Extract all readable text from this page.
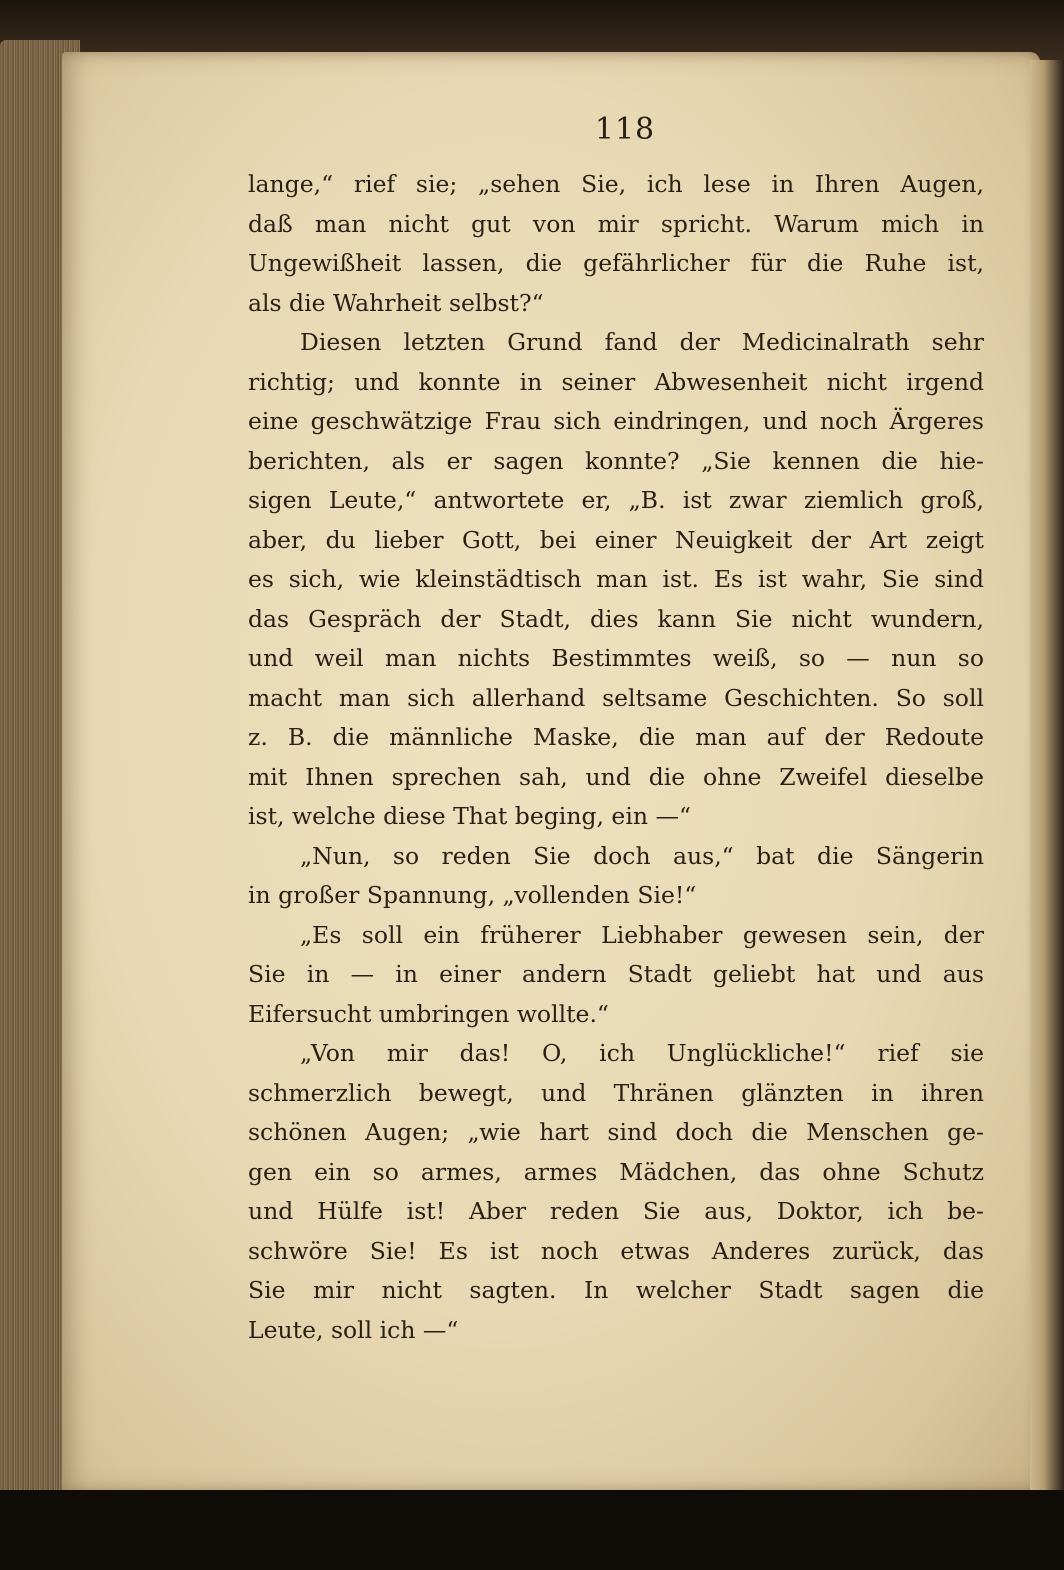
118
lange,“ rief sie; „sehen Sie, ich lese in Ihren Augen,
daß man nicht gut von mir spricht. Warum mich in
Ungewißheit lassen, die gefährlicher für die Ruhe ist,
als die Wahrheit selbst?“
Diesen letzten Grund fand der Medicinalrath sehr
richtig; und konnte in seiner Abwesenheit nicht irgend
eine geschwätzige Frau sich eindringen, und noch Ärgeres
berichten, als er sagen konnte? „Sie kennen die hie-
sigen Leute,“ antwortete er, „B. ist zwar ziemlich groß,
aber, du lieber Gott, bei einer Neuigkeit der Art zeigt
es sich, wie kleinstädtisch man ist. Es ist wahr, Sie sind
das Gespräch der Stadt, dies kann Sie nicht wundern,
und weil man nichts Bestimmtes weiß, so — nun so
macht man sich allerhand seltsame Geschichten. So soll
z. B. die männliche Maske, die man auf der Redoute
mit Ihnen sprechen sah, und die ohne Zweifel dieselbe
ist, welche diese That beging, ein —“
„Nun, so reden Sie doch aus,“ bat die Sängerin
in großer Spannung, „vollenden Sie!“
„Es soll ein früherer Liebhaber gewesen sein, der
Sie in — in einer andern Stadt geliebt hat und aus
Eifersucht umbringen wollte.“
„Von mir das! O, ich Unglückliche!“ rief sie
schmerzlich bewegt, und Thränen glänzten in ihren
schönen Augen; „wie hart sind doch die Menschen ge-
gen ein so armes, armes Mädchen, das ohne Schutz
und Hülfe ist! Aber reden Sie aus, Doktor, ich be-
schwöre Sie! Es ist noch etwas Anderes zurück, das
Sie mir nicht sagten. In welcher Stadt sagen die
Leute, soll ich —“
